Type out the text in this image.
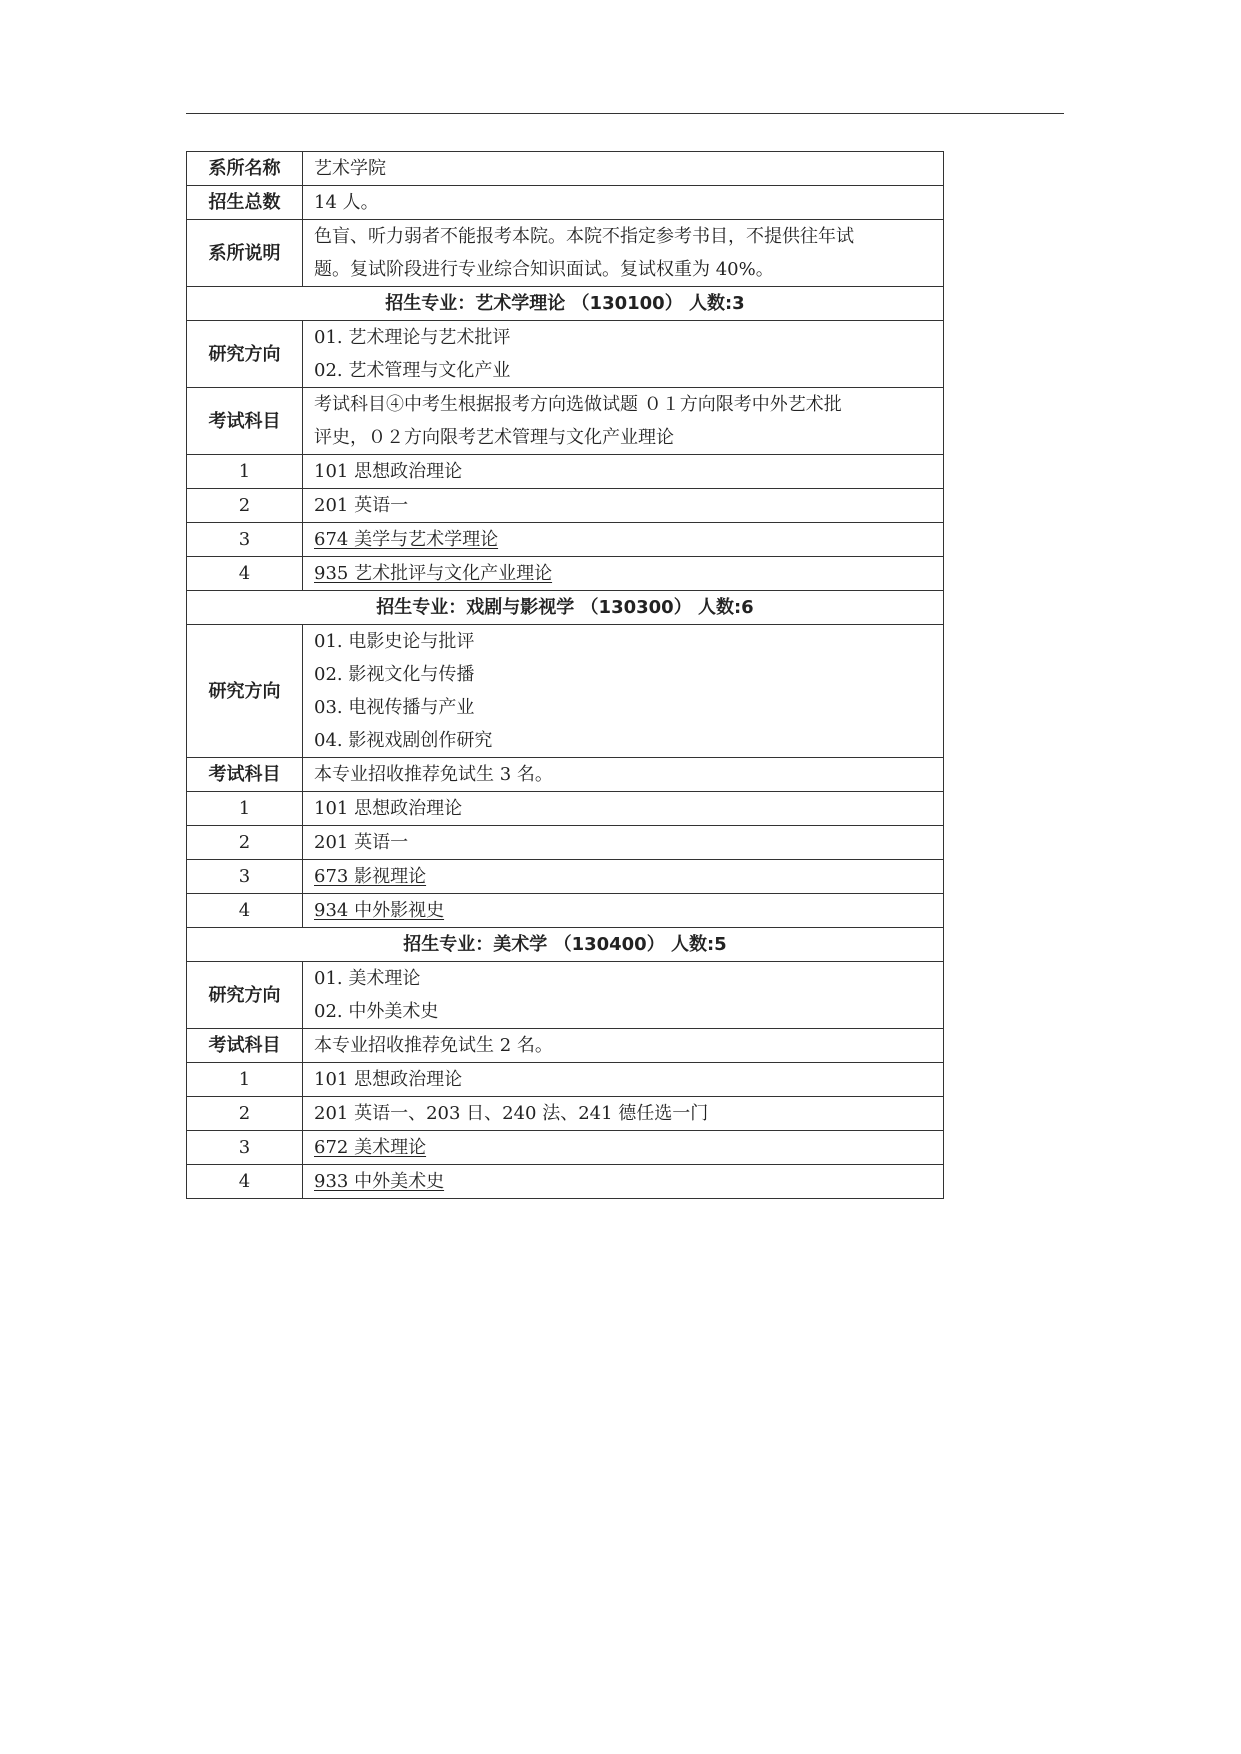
系所名称	艺术学院
招生总数	14 人。
系所说明	色盲、听力弱者不能报考本院。本院不指定参考书目，不提供往年试
题。复试阶段进行专业综合知识面试。复试权重为 40%。

招生专业：艺术学理论 （130100） 人数:3	
研究方向	01. 艺术理论与艺术批评
02. 艺术管理与文化产业

考试科目	考试科目④中考生根据报考方向选做试题 ０１方向限考中外艺术批
评史，０２方向限考艺术管理与文化产业理论

1	101 思想政治理论
2	201 英语一
3	674 美学与艺术学理论
4	935 艺术批评与文化产业理论
招生专业：戏剧与影视学 （130300） 人数:6	
研究方向	01. 电影史论与批评
02. 影视文化与传播
03. 电视传播与产业
04. 影视戏剧创作研究

考试科目	本专业招收推荐免试生 3 名。
1	101 思想政治理论
2	201 英语一
3	673 影视理论
4	934 中外影视史
招生专业：美术学 （130400） 人数:5	
研究方向	01. 美术理论
02. 中外美术史

考试科目	本专业招收推荐免试生 2 名。
1	101 思想政治理论
2	201 英语一、203 日、240 法、241 德任选一门
3	672 美术理论
4	933 中外美术史
